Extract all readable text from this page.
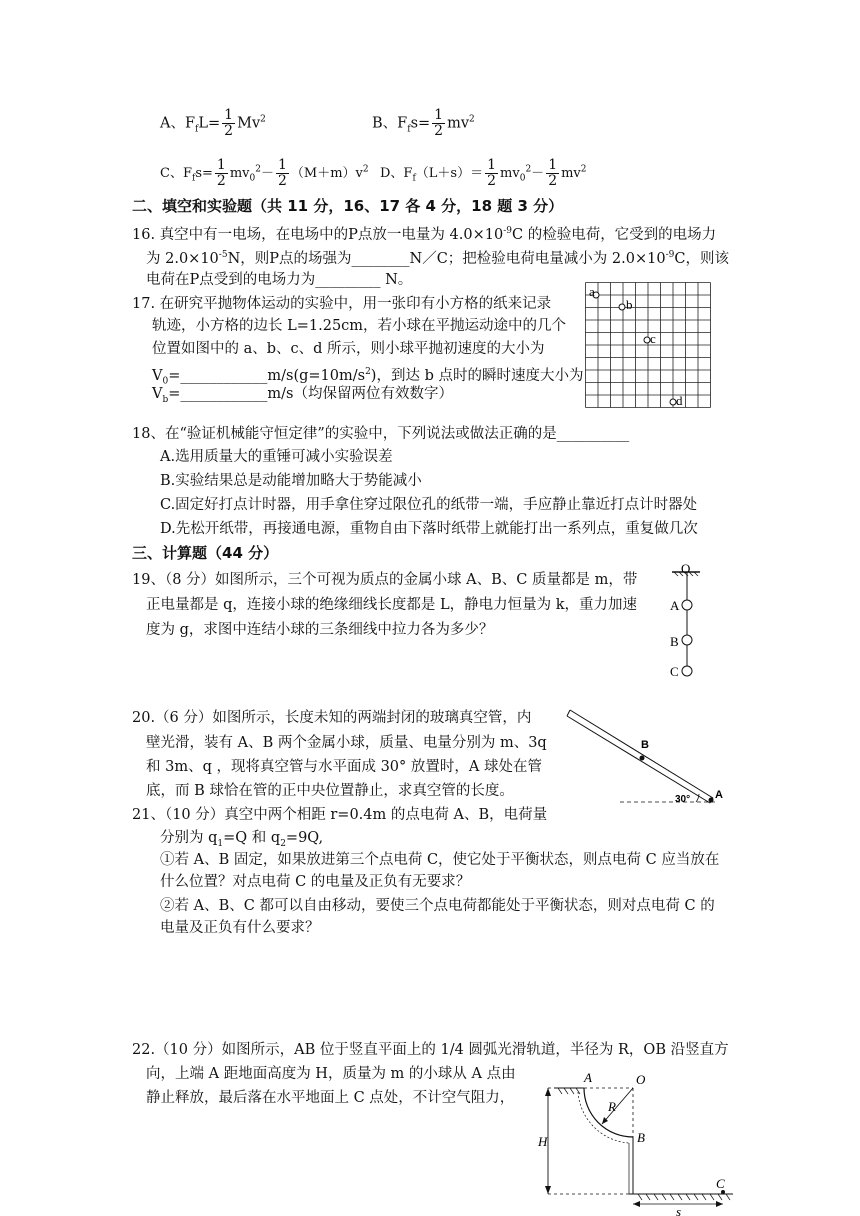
A、$F_fL= \frac{1}{2} Mv^2$	B、$F_fs= \frac{1}{2} mv^2$
C、$F_fs= \frac{1}{2} mv_0^2- \frac{1}{2} (M+m)v^2$ D、$F_f(L+s)= \frac{1}{2} mv_0^2- \frac{1}{2} mv^2$
二、填空和实验题（共 11 分，16、17 各 4 分，18 题 3 分）
16. 真空中有一电场，在电场中的P点放一电量为 $4.0\times 10^{-9}C$ 的检验电荷，它受到的电场力
为 $2.0\times 10^{-5}N$，则P点的场强为________N／C；把检验电荷电量减小为 $2.0\times 10^{-9}C$，则该
电荷在P点受到的电场力为_________ N。
17. 在研究平抛物体运动的实验中，用一张印有小方格的纸来记录
轨迹，小方格的边长 L=1.25cm，若小球在平抛运动途中的几个
位置如图中的 a、b、c、d 所示，则小球平抛初速度的大小为
$V_0=\_\_\_\_\_\_\_\_\_\_\_\_m/s(g=10m/s^2)$，到达 b 点时的瞬时速度大小为
$V_b=\_\_\_\_\_\_\_\_\_\_\_\_m/s$（均保留两位有效数字）
a
b
c
d
18、在“验证机械能守恒定律”的实验中，下列说法或做法正确的是__________
A.选用质量大的重锤可减小实验误差
B.实验结果总是动能增加略大于势能减小
C.固定好打点计时器，用手拿住穿过限位孔的纸带一端，手应静止靠近打点计时器处
D.先松开纸带，再接通电源，重物自由下落时纸带上就能打出一系列点，重复做几次
三、计算题（44 分）
19、（8 分）如图所示，三个可视为质点的金属小球 A、B、C 质量都是 m，带
正电量都是 q，连接小球的绝缘细线长度都是 L，静电力恒量为 k，重力加速
度为 g，求图中连结小球的三条细线中拉力各为多少？
O
A
B
C
20.（6 分）如图所示，长度未知的两端封闭的玻璃真空管，内
壁光滑，装有 A、B 两个金属小球，质量、电量分别为 m、3q
和 3m、q ，现将真空管与水平面成 30° 放置时，A 球处在管
底，而 B 球恰在管的正中央位置静止，求真空管的长度。
B
A
30°
21、（10 分）真空中两个相距 r=0.4m 的点电荷 A、B，电荷量
分别为 $q_1=Q$ 和 $q_2=9Q$,
①若 A、B 固定，如果放进第三个点电荷 C，使它处于平衡状态，则点电荷 C 应当放在
什么位置？对点电荷 C 的电量及正负有无要求？
②若 A、B、C 都可以自由移动，要使三个点电荷都能处于平衡状态，则对点电荷 C 的
电量及正负有什么要求？
22.（10 分）如图所示，AB 位于竖直平面上的 1/4 圆弧光滑轨道，半径为 R，OB 沿竖直方
向，上端 A 距地面高度为 H，质量为 m 的小球从 A 点由
静止释放，最后落在水平地面上 C 点处，不计空气阻力，
A	O
R
B
H
C
s
